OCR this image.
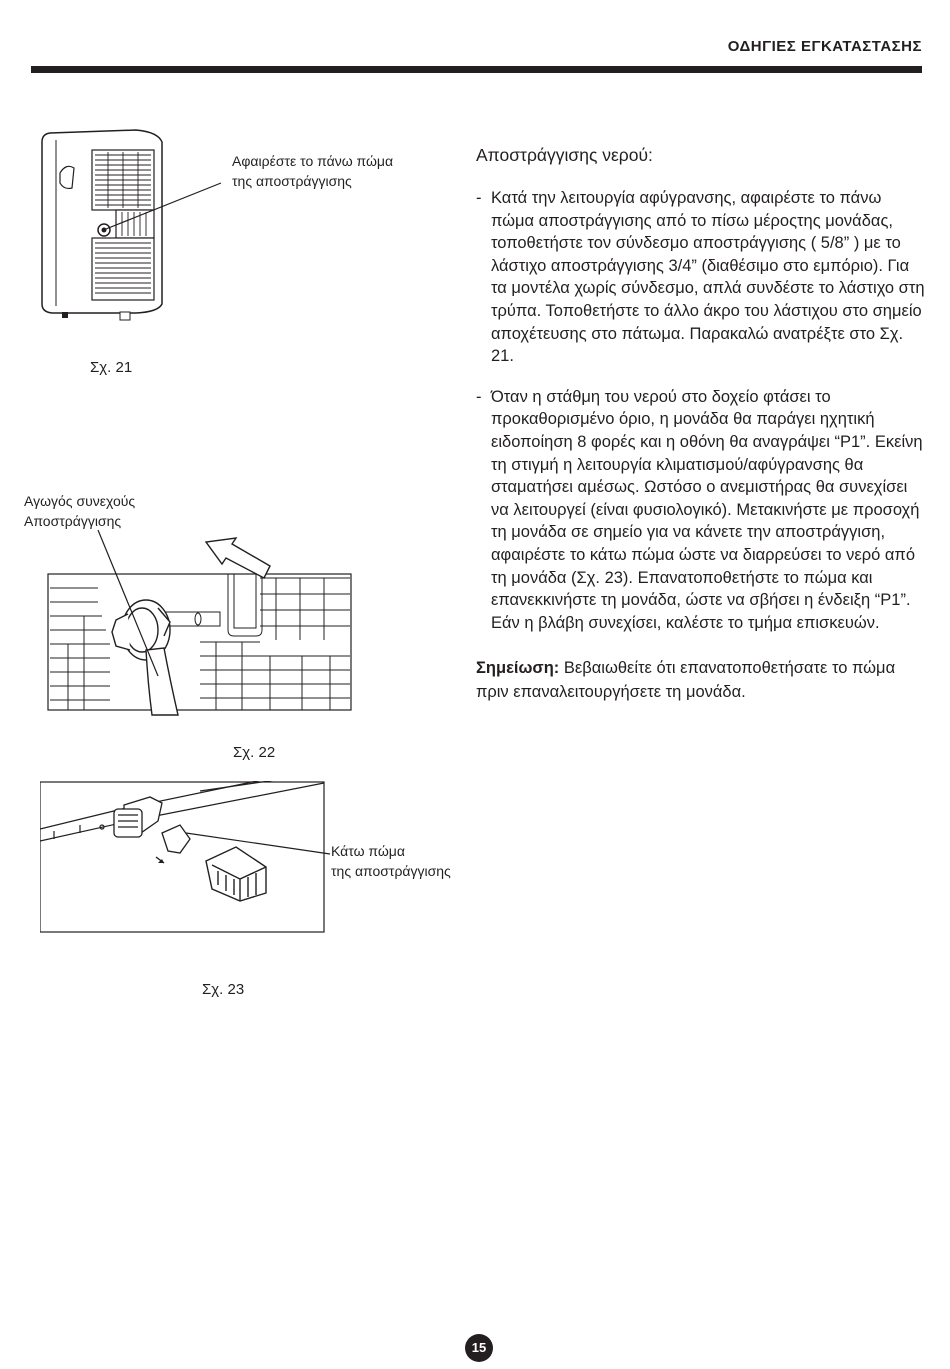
ΟΔΗΓΙΕΣ ΕΓΚΑΤΑΣΤΑΣΗΣ
Αφαιρέστε το πάνω πώμα
της αποστράγγισης
Σχ. 21
Αγωγός συνεχούς
Αποστράγγισης
Σχ. 22
Κάτω πώμα
της αποστράγγισης
Σχ. 23
Αποστράγγισης νερού:
- Κατά την λειτουργία αφύγρανσης, αφαιρέστε το πάνω πώμα αποστράγγισης από το πίσω μέροςτης μονάδας, τοποθετήστε τον σύνδεσμο αποστράγγισης ( 5/8” ) με το λάστιχο αποστράγγισης 3/4” (διαθέσιμο στο εμπόριο). Για τα μοντέλα χωρίς σύνδεσμο, απλά συνδέστε το λάστιχο στη τρύπα. Τοποθετήστε το άλλο άκρο του λάστιχου στο σημείο αποχέτευσης στο πάτωμα. Παρακαλώ ανατρέξτε στο Σχ. 21.
- Όταν η στάθμη του νερού στο δοχείο φτάσει το προκαθορισμένο όριο, η μονάδα θα παράγει ηχητική ειδοποίηση 8 φορές και η οθόνη θα αναγράψει “P1”. Εκείνη τη στιγμή η λειτουργία κλιματισμού/αφύγρανσης θα σταματήσει αμέσως. Ωστόσο ο ανεμιστήρας θα συνεχίσει να λειτουργεί (είναι φυσιολογικό). Μετακινήστε με προσοχή τη μονάδα σε σημείο για να κάνετε την αποστράγγιση, αφαιρέστε το κάτω πώμα ώστε να διαρρεύσει το νερό από τη μονάδα (Σχ. 23). Επανατοποθετήστε το πώμα και επανεκκινήστε τη μονάδα, ώστε να σβήσει η ένδειξη “P1”. Εάν η βλάβη συνεχίσει, καλέστε το τμήμα επισκευών.
Σημείωση: Βεβαιωθείτε ότι επανατοποθετήσατε το πώμα πριν επαναλειτουργήσετε τη μονάδα.
15
